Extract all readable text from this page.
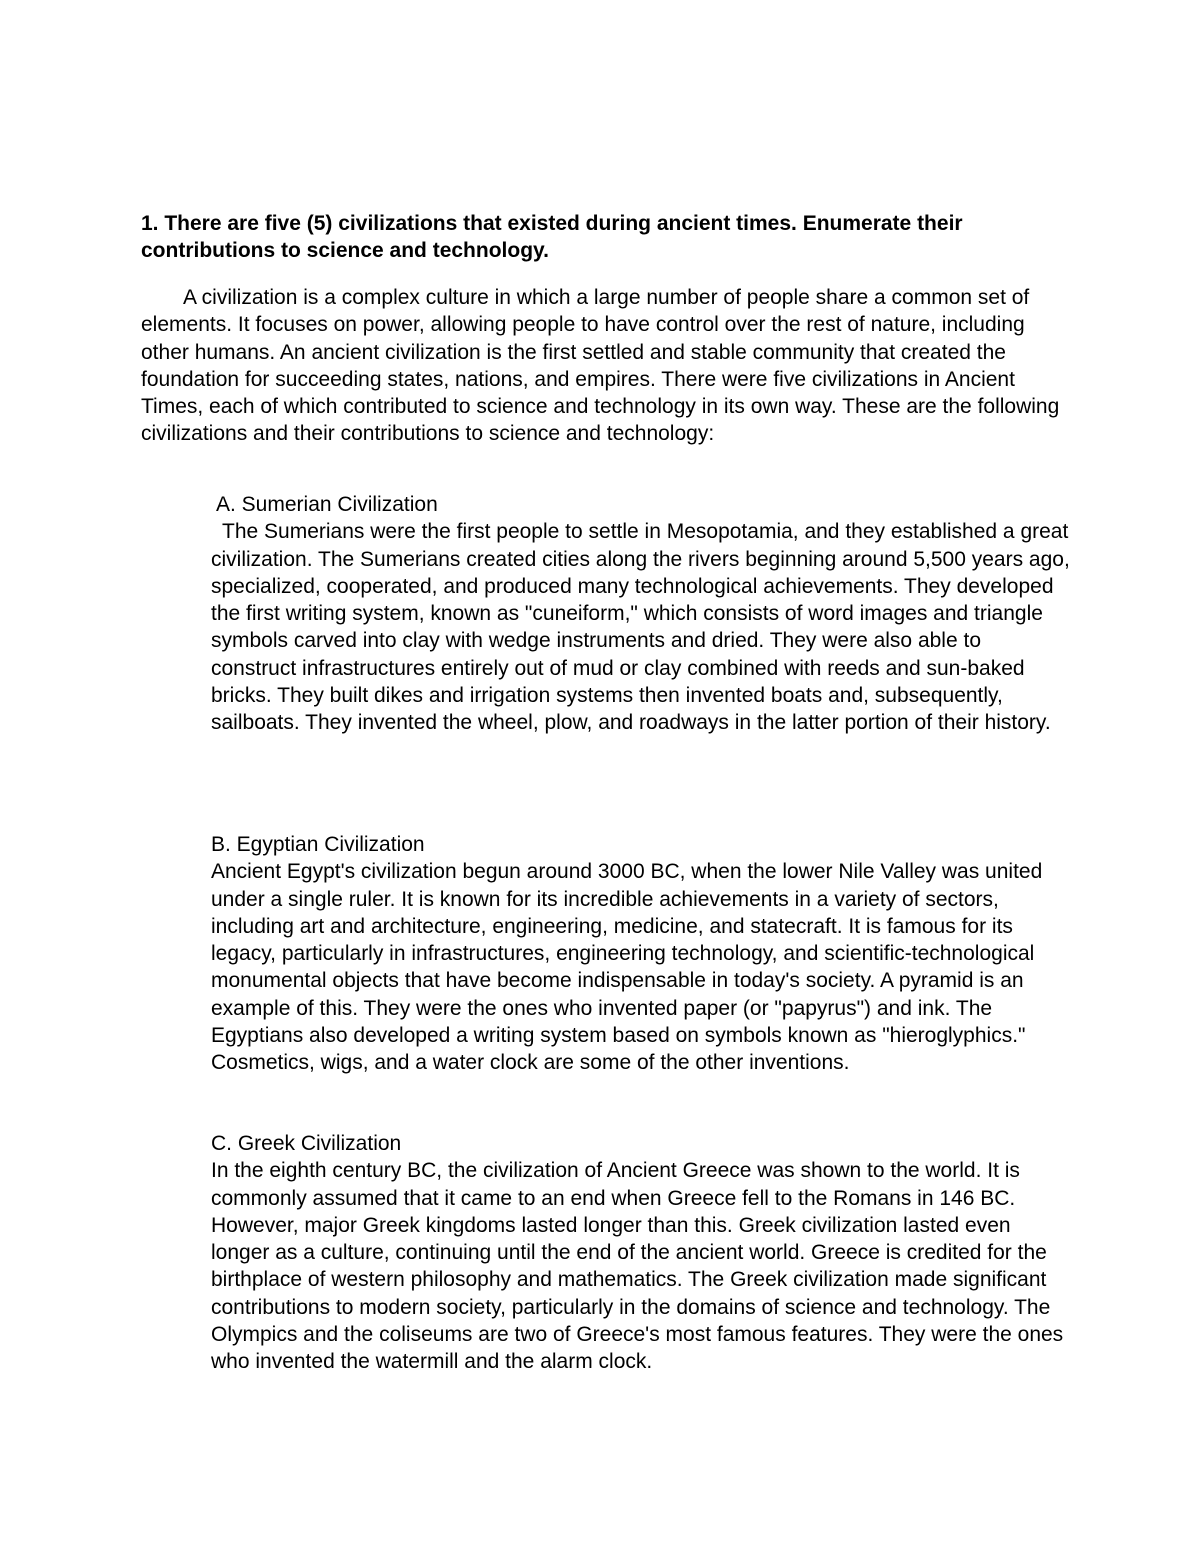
1. There are five (5) civilizations that existed during ancient times. Enumerate their contributions to science and technology.

A civilization is a complex culture in which a large number of people share a common set of elements. It focuses on power, allowing people to have control over the rest of nature, including other humans. An ancient civilization is the first settled and stable community that created the foundation for succeeding states, nations, and empires. There were five civilizations in Ancient Times, each of which contributed to science and technology in its own way. These are the following civilizations and their contributions to science and technology:

A. Sumerian Civilization
The Sumerians were the first people to settle in Mesopotamia, and they established a great civilization. The Sumerians created cities along the rivers beginning around 5,500 years ago, specialized, cooperated, and produced many technological achievements. They developed the first writing system, known as "cuneiform," which consists of word images and triangle symbols carved into clay with wedge instruments and dried. They were also able to construct infrastructures entirely out of mud or clay combined with reeds and sun-baked bricks. They built dikes and irrigation systems then invented boats and, subsequently, sailboats. They invented the wheel, plow, and roadways in the latter portion of their history.
B. Egyptian Civilization
Ancient Egypt's civilization begun around 3000 BC, when the lower Nile Valley was united under a single ruler. It is known for its incredible achievements in a variety of sectors, including art and architecture, engineering, medicine, and statecraft. It is famous for its legacy, particularly in infrastructures, engineering technology, and scientific-technological monumental objects that have become indispensable in today's society. A pyramid is an example of this. They were the ones who invented paper (or "papyrus") and ink. The Egyptians also developed a writing system based on symbols known as "hieroglyphics." Cosmetics, wigs, and a water clock are some of the other inventions.
C. Greek Civilization
In the eighth century BC, the civilization of Ancient Greece was shown to the world. It is commonly assumed that it came to an end when Greece fell to the Romans in 146 BC. However, major Greek kingdoms lasted longer than this. Greek civilization lasted even longer as a culture, continuing until the end of the ancient world. Greece is credited for the birthplace of western philosophy and mathematics. The Greek civilization made significant contributions to modern society, particularly in the domains of science and technology. The Olympics and the coliseums are two of Greece's most famous features. They were the ones who invented the watermill and the alarm clock.
